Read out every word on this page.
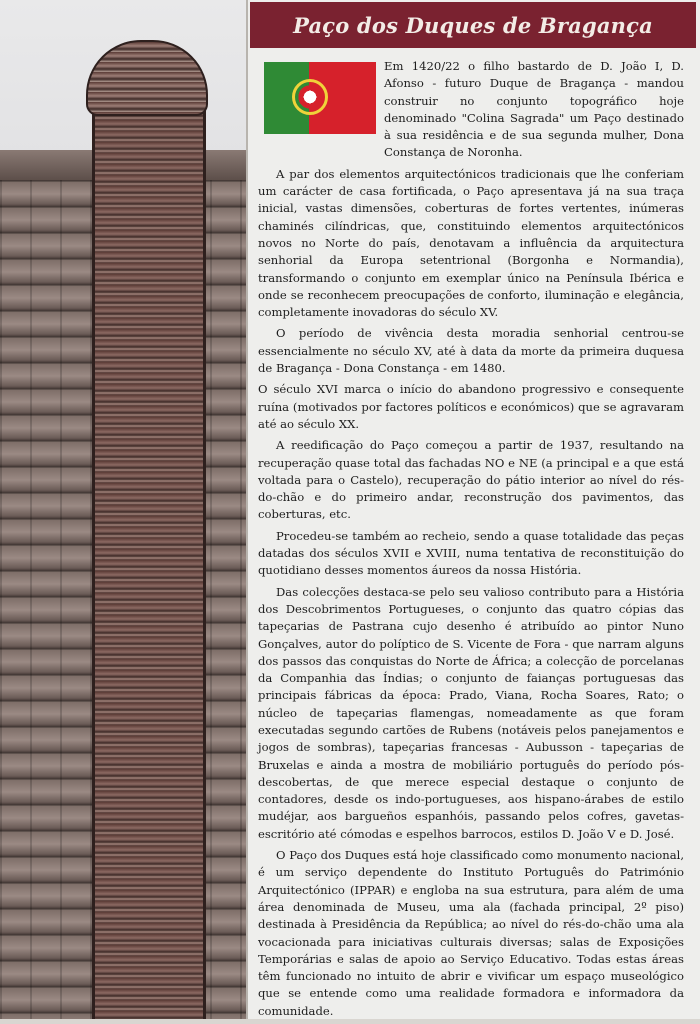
Paço dos Duques de Bragança

Em 1420/22 o filho bastardo de D. João I, D. Afonso - futuro Duque de Bragança - mandou construir no conjunto topográfico hoje denominado "Colina Sagrada" um Paço destinado à sua residência e de sua segunda mulher, Dona Constança de Noronha.

A par dos elementos arquitectónicos tradicionais que lhe conferiam um carácter de casa fortificada, o Paço apresentava já na sua traça inicial, vastas dimensões, coberturas de fortes vertentes, inúmeras chaminés cilíndricas, que, constituindo elementos arquitectónicos novos no Norte do país, denotavam a influência da arquitectura senhorial da Europa setentrional (Borgonha e Normandia), transformando o conjunto em exemplar único na Península Ibérica e onde se reconhecem preocupações de conforto, iluminação e elegância, completamente inovadoras do século XV.

O período de vivência desta moradia senhorial centrou-se essencialmente no século XV, até à data da morte da primeira duquesa de Bragança - Dona Constança - em 1480.

O século XVI marca o início do abandono progressivo e consequente ruína (motivados por factores políticos e económicos) que se agravaram até ao século XX.

A reedificação do Paço começou a partir de 1937, resultando na recuperação quase total das fachadas NO e NE (a principal e a que está voltada para o Castelo), recuperação do pátio interior ao nível do rés-do-chão e do primeiro andar, reconstrução dos pavimentos, das coberturas, etc.

Procedeu-se também ao recheio, sendo a quase totalidade das peças datadas dos séculos XVII e XVIII, numa tentativa de reconstituição do quotidiano desses momentos áureos da nossa História.

Das colecções destaca-se pelo seu valioso contributo para a História dos Descobrimentos Portugueses, o conjunto das quatro cópias das tapeçarias de Pastrana cujo desenho é atribuído ao pintor Nuno Gonçalves, autor do políptico de S. Vicente de Fora - que narram alguns dos passos das conquistas do Norte de África; a colecção de porcelanas da Companhia das Índias; o conjunto de faianças portuguesas das principais fábricas da época: Prado, Viana, Rocha Soares, Rato; o núcleo de tapeçarias flamengas, nomeadamente as que foram executadas segundo cartões de Rubens (notáveis pelos panejamentos e jogos de sombras), tapeçarias francesas - Aubusson - tapeçarias de Bruxelas e ainda a mostra de mobiliário português do período pós-descobertas, de que merece especial destaque o conjunto de contadores, desde os indo-portugueses, aos hispano-árabes de estilo mudéjar, aos bargueños espanhóis, passando pelos cofres, gavetas-escritório até cómodas e espelhos barrocos, estilos D. João V e D. José.

O Paço dos Duques está hoje classificado como monumento nacional, é um serviço dependente do Instituto Português do Património Arquitectónico (IPPAR) e engloba na sua estrutura, para além de uma área denominada de Museu, uma ala (fachada principal, 2º piso) destinada à Presidência da República; ao nível do rés-do-chão uma ala vocacionada para iniciativas culturais diversas; salas de Exposições Temporárias e salas de apoio ao Serviço Educativo. Todas estas áreas têm funcionado no intuito de abrir e vivificar um espaço museológico que se entende como uma realidade formadora e informadora da comunidade.
